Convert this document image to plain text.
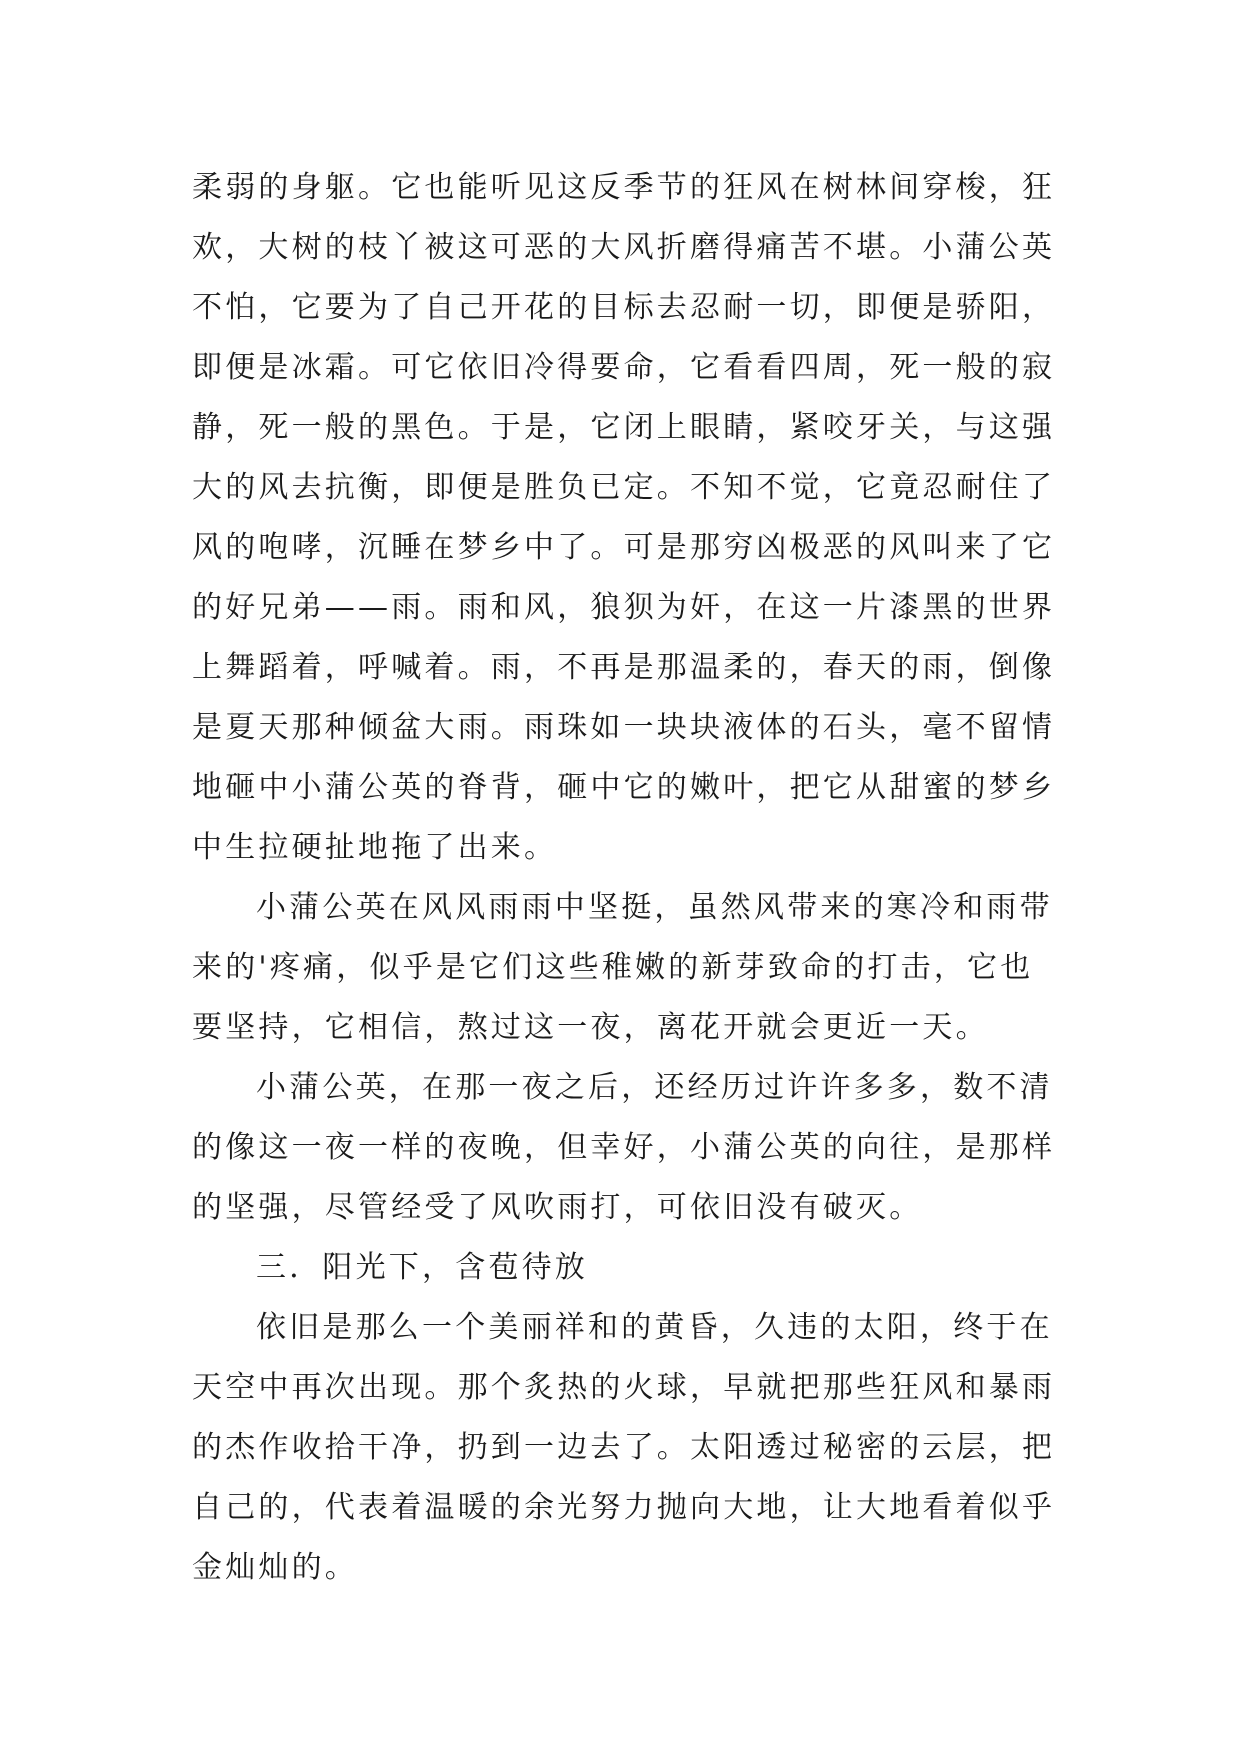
柔弱的身躯。它也能听见这反季节的狂风在树林间穿梭，狂
欢，大树的枝丫被这可恶的大风折磨得痛苦不堪。小蒲公英
不怕，它要为了自己开花的目标去忍耐一切，即便是骄阳，
即便是冰霜。可它依旧冷得要命，它看看四周，死一般的寂
静，死一般的黑色。于是，它闭上眼睛，紧咬牙关，与这强
大的风去抗衡，即便是胜负已定。不知不觉，它竟忍耐住了
风的咆哮，沉睡在梦乡中了。可是那穷凶极恶的风叫来了它
的好兄弟——雨。雨和风，狼狈为奸，在这一片漆黑的世界
上舞蹈着，呼喊着。雨，不再是那温柔的，春天的雨，倒像
是夏天那种倾盆大雨。雨珠如一块块液体的石头，毫不留情
地砸中小蒲公英的脊背，砸中它的嫩叶，把它从甜蜜的梦乡
中生拉硬扯地拖了出来。
小蒲公英在风风雨雨中坚挺，虽然风带来的寒冷和雨带
来的'疼痛，似乎是它们这些稚嫩的新芽致命的打击，它也
要坚持，它相信，熬过这一夜，离花开就会更近一天。
小蒲公英，在那一夜之后，还经历过许许多多，数不清
的像这一夜一样的夜晚，但幸好，小蒲公英的向往，是那样
的坚强，尽管经受了风吹雨打，可依旧没有破灭。
三．阳光下，含苞待放
依旧是那么一个美丽祥和的黄昏，久违的太阳，终于在
天空中再次出现。那个炙热的火球，早就把那些狂风和暴雨
的杰作收拾干净，扔到一边去了。太阳透过秘密的云层，把
自己的，代表着温暖的余光努力抛向大地，让大地看着似乎
金灿灿的。
